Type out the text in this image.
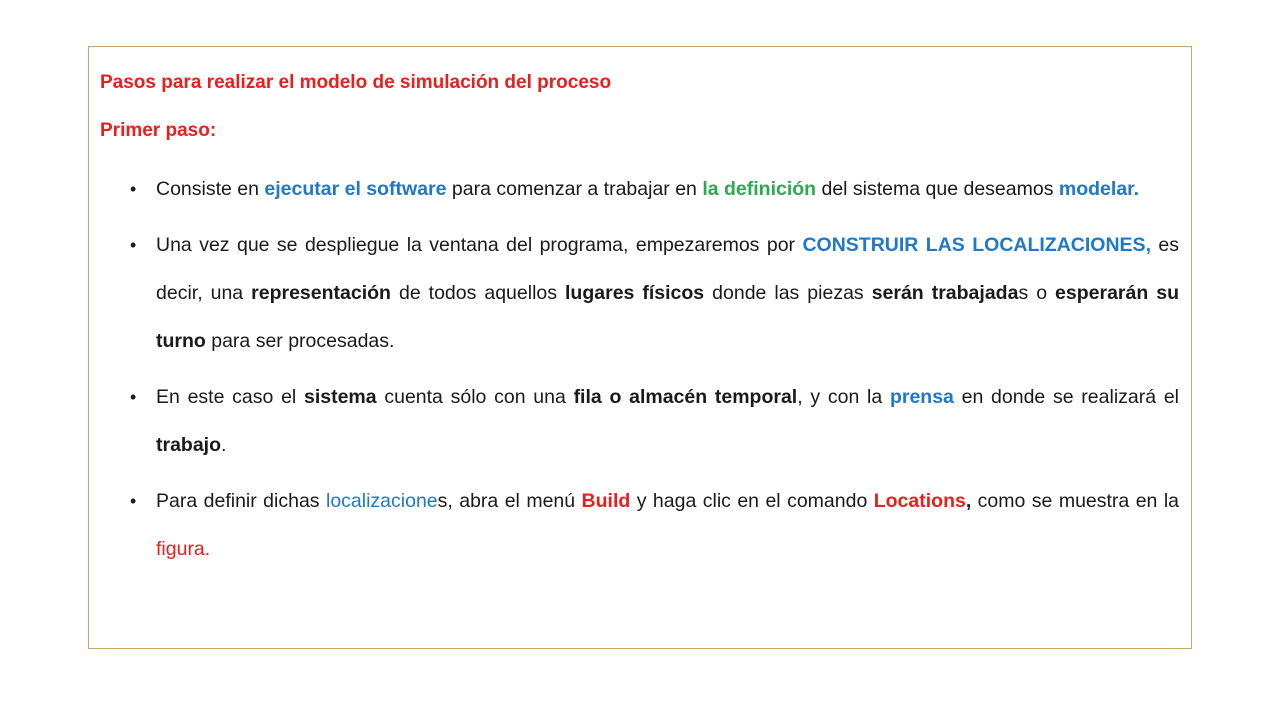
Pasos para realizar el modelo de simulación del proceso
Primer paso:
• Consiste en ejecutar el software para comenzar a trabajar en la definición del sistema que deseamos modelar.
• Una vez que se despliegue la ventana del programa, empezaremos por CONSTRUIR LAS LOCALIZACIONES, es decir, una representación de todos aquellos lugares físicos donde las piezas serán trabajadas o esperarán su turno para ser procesadas.
• En este caso el sistema cuenta sólo con una fila o almacén temporal, y con la prensa en donde se realizará el trabajo.
• Para definir dichas localizaciones, abra el menú Build y haga clic en el comando Locations, como se muestra en la figura.
